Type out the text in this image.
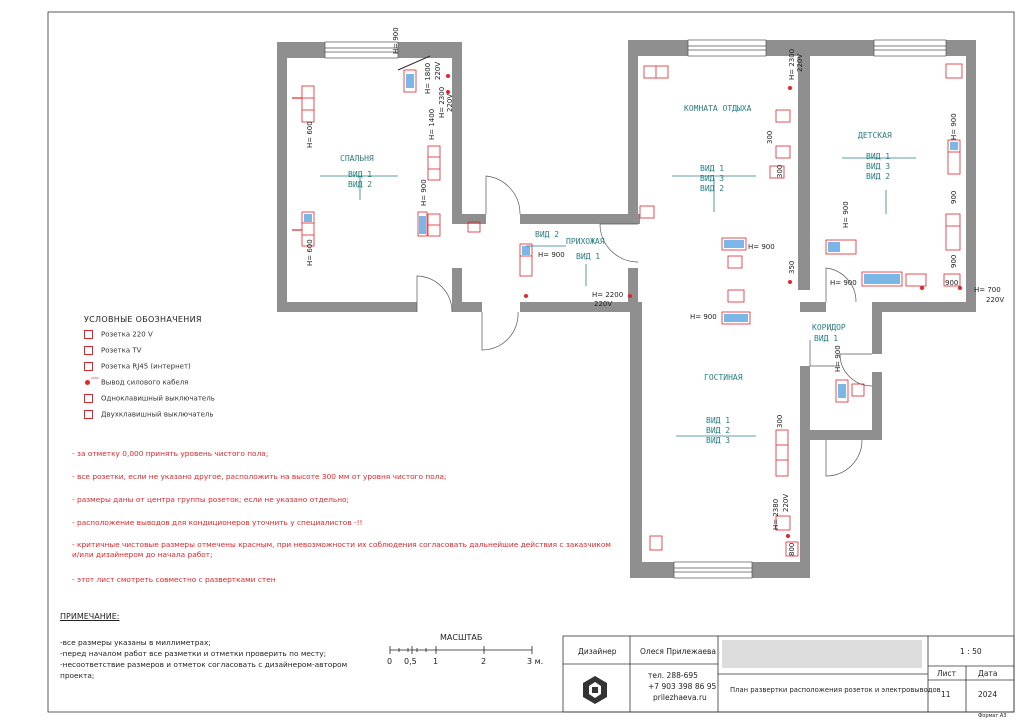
СПАЛЬНЯ
КОМНАТА ОТДЫХА
ДЕТСКАЯ
ПРИХОЖАЯ
ГОСТИНАЯ
КОРИДОР
ВИД 1
ВИД 2
ВИД 1
ВИД 3
ВИД 2
ВИД 1
ВИД 3
ВИД 2
ВИД 2
ВИД 1
ВИД 1
ВИД 2
ВИД 3
ВИД 1
H= 900
H= 900
H= 900
H= 2200
220V
H= 900	900
H= 700
220V
H= 900
H= 1800 220V
H= 2300 220V
H= 1400
H= 600
H= 600
H= 900
H= 2300 220V
300
300
350
H= 900
H= 900
900
900
H= 900
300
H= 2380 220V
800
УСЛОВНЫЕ ОБОЗНАЧЕНИЯ
Розетка 220 V
Розетка TV
Розетка RJ45 (интернет)
220V
Вывод силового кабеля
Одноклавишный выключатель
Двухклавишный выключатель
- за отметку 0,000 принять уровень чистого пола;
- все розетки, если не указано другое, расположить на высоте 300 мм от уровня чистого пола;
- размеры даны от центра группы розеток; если не указано отдельно;
- расположение выводов для кондиционеров уточнить у специалистов -!!
- критичные чистовые размеры отмечены красным, при невозможности их соблюдения согласовать дальнейшие действия с заказчиком и/или дизайнером до начала работ;
- этот лист смотреть совместно с развертками стен
ПРИМЕЧАНИЕ:
-все размеры указаны в миллиметрах;
-перед началом работ все разметки и отметки проверить по месту;
-несоответствие размеров и отметок согласовать с дизайнером-автором
проекта;
МАСШТАБ
0 0,5 1	2	3 м.
Дизайнер	Олеся Прилежаева
тел. 288-695
+7 903 398 86 95
prilezhaeva.ru
План развертки расположения розеток и электровыводов
1 : 50
Лист
11
Дата
2024
Формат А3
